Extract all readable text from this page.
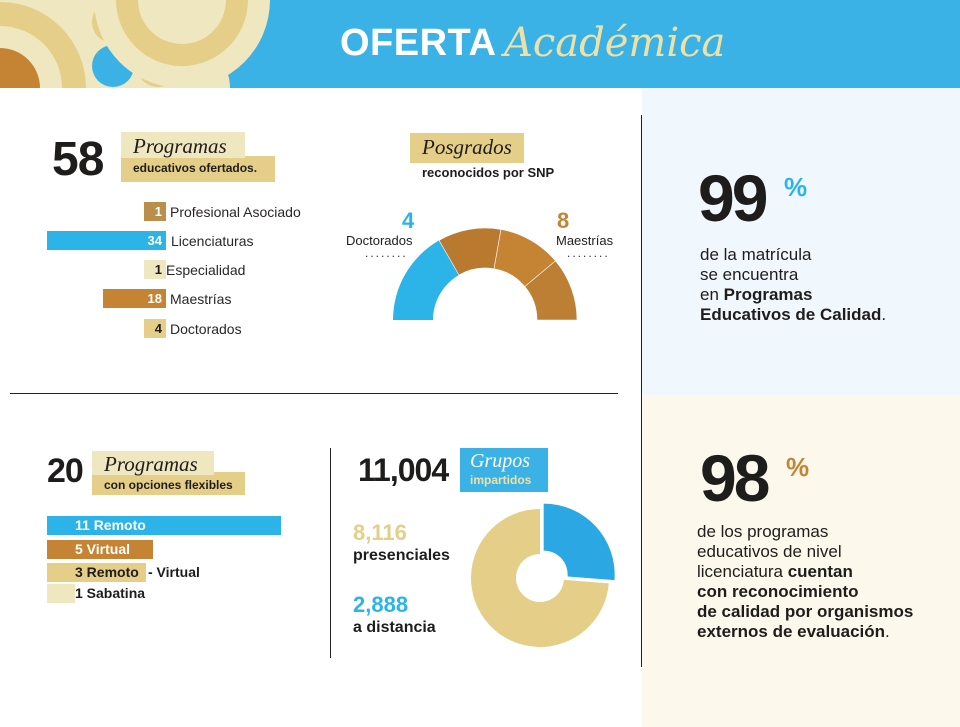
OFERTA Académica
58 Programas
educativos ofertados.
1 Profesional Asociado
34 Licenciaturas
1 Especialidad
18 Maestrías
4 Doctorados
Posgrados
reconocidos por SNP
4
Doctorados
........
8
Maestrías
........
20 Programas
con opciones flexibles
11 Remoto
5 Virtual
3 Remoto
1 Sabatina
- Virtual
11,004 Grupos
impartidos
8,116
presenciales
2,888
a distancia
99 %
de la matrícula
se encuentra
en Programas
Educativos de Calidad.
98 %
de los programas
educativos de nivel
licenciatura cuentan
con reconocimiento
de calidad por organismos
externos de evaluación.
